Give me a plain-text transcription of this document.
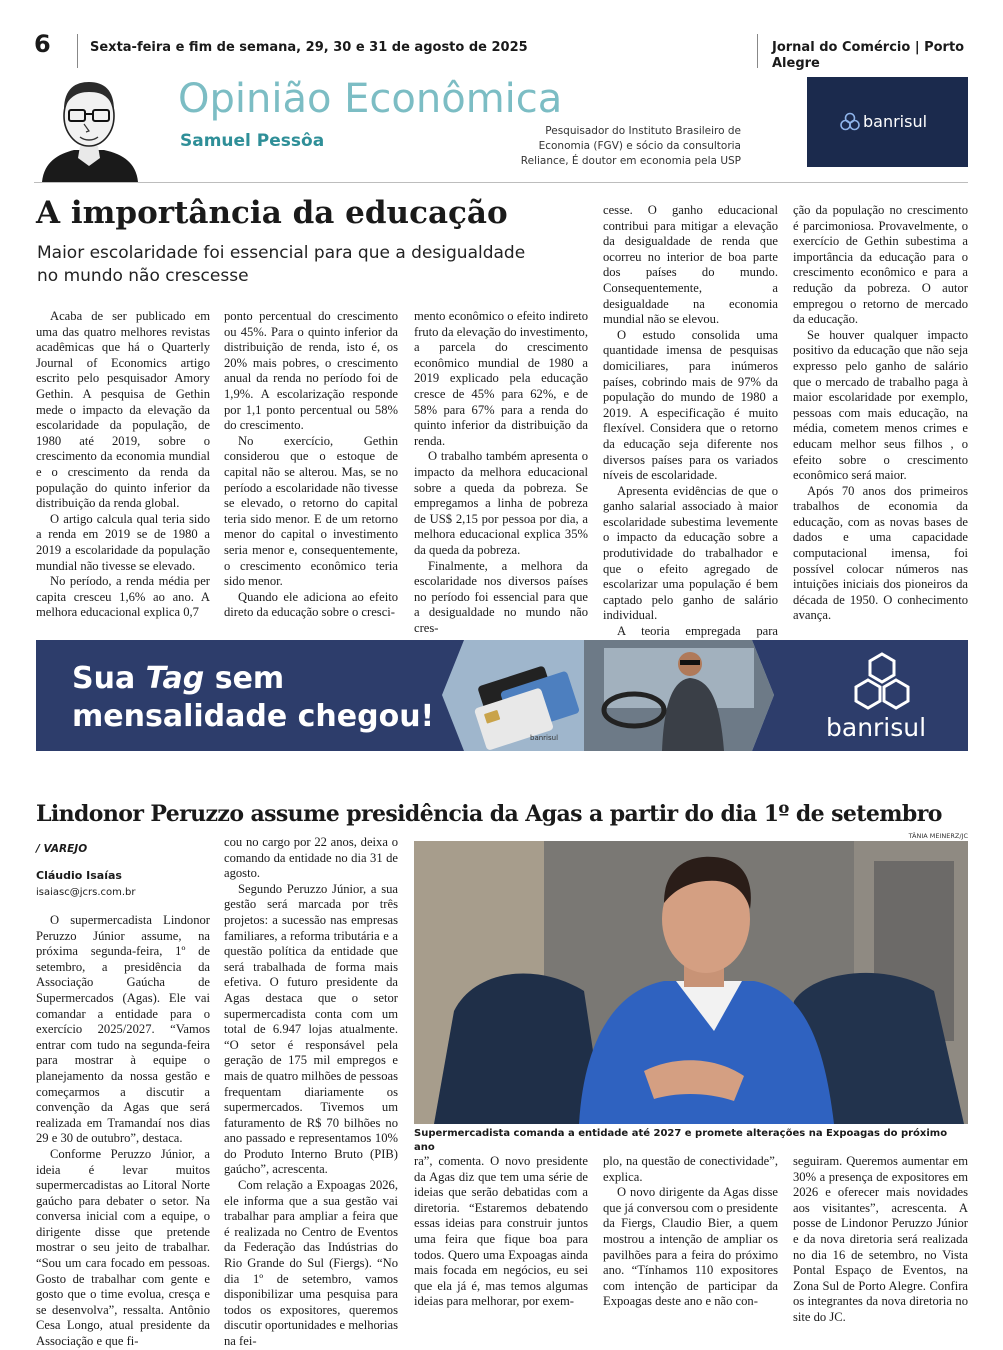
6	Sexta-feira e fim de semana, 29, 30 e 31 de agosto de 2025	Jornal do Comércio | Porto Alegre
Opinião Econômica
Samuel Pessôa	Pesquisador do Instituto Brasileiro de
Economia (FGV) e sócio da consultoria
Reliance, É doutor em economia pela USP
banrisul
A importância da educação
Maior escolaridade foi essencial para que a desigualdade
no mundo não crescesse

Acaba de ser publicado em uma das quatro melhores revistas acadêmicas que há o Quarterly Journal of Economics artigo escrito pelo pesquisador Amory Gethin. A pesquisa de Gethin mede o impacto da elevação da escolaridade da população, de 1980 até 2019, sobre o crescimento da economia mundial e o crescimento da renda da população do quinto inferior da distribuição da renda global.

O artigo calcula qual teria sido a renda em 2019 se de 1980 a 2019 a escolaridade da população mundial não tivesse se elevado.

No período, a renda média per capita cresceu 1,6% ao ano. A melhora educacional explica 0,7

ponto percentual do crescimento ou 45%. Para o quinto inferior da distribuição de renda, isto é, os 20% mais pobres, o crescimento anual da renda no período foi de 1,9%. A escolarização responde por 1,1 ponto percentual ou 58% do crescimento.

No exercício, Gethin considerou que o estoque de capital não se alterou. Mas, se no período a escolaridade não tivesse se elevado, o retorno do capital teria sido menor. E de um retorno menor do capital o investimento seria menor e, consequentemente, o crescimento econômico teria sido menor.

Quando ele adiciona ao efeito direto da educação sobre o cresci-

mento econômico o efeito indireto fruto da elevação do investimento, a parcela do crescimento econômico mundial de 1980 a 2019 explicado pela educação cresce de 45% para 62%, e de 58% para 67% para a renda do quinto inferior da distribuição da renda.

O trabalho também apresenta o impacto da melhora educacional sobre a queda da pobreza. Se empregamos a linha de pobreza de US$ 2,15 por pessoa por dia, a melhora educacional explica 35% da queda da pobreza.

Finalmente, a melhora da escolaridade nos diversos países no período foi essencial para que a desigualdade no mundo não cres-

cesse. O ganho educacional contribui para mitigar a elevação da desigualdade de renda que ocorreu no interior de boa parte dos países do mundo. Consequentemente, a desigualdade na economia mundial não se elevou.

O estudo consolida uma quantidade imensa de pesquisas domiciliares, para inúmeros países, cobrindo mais de 97% da população do mundo de 1980 a 2019. A especificação é muito flexível. Considera que o retorno da educação seja diferente nos diversos países para os variados níveis de escolaridade.

Apresenta evidências de que o ganho salarial associado à maior escolaridade subestima levemente o impacto da educação sobre a produtividade do trabalhador e que o efeito agregado de escolarizar uma população é bem captado pelo ganho de salário individual.

A teoria empregada para

ção da população no crescimento é parcimoniosa. Provavelmente, o exercício de Gethin subestima a importância da educação para o crescimento econômico e para a redução da pobreza. O autor empregou o retorno de mercado da educação.

Se houver qualquer impacto positivo da educação que não seja expresso pelo ganho de salário que o mercado de trabalho paga à maior escolaridade por exemplo, pessoas com mais educação, na média, cometem menos crimes e educam melhor seus filhos , o efeito sobre o crescimento econômico será maior.

Após 70 anos dos primeiros trabalhos de economia da educação, com as novas bases de dados e uma capacidade computacional imensa, foi possível colocar números nas intuições iniciais dos pioneiros da década de 1950. O conhecimento avança.

Sua Tag sem
mensalidade chegou!
banrisul	banrisul
Lindonor Peruzzo assume presidência da Agas a partir do dia 1º de setembro
/ VAREJO
Cláudio Isaías
isaiasc@jcrs.com.br

O supermercadista Lindonor Peruzzo Júnior assume, na próxima segunda-feira, 1º de setembro, a presidência da Associação Gaúcha de Supermercados (Agas). Ele vai comandar a entidade para o exercício 2025/2027. “Vamos entrar com tudo na segunda-feira para mostrar à equipe o planejamento da nossa gestão e começarmos a discutir a convenção da Agas que será realizada em Tramandaí nos dias 29 e 30 de outubro”, destaca.

Conforme Peruzzo Júnior, a ideia é levar muitos supermercadistas ao Litoral Norte gaúcho para debater o setor. Na conversa inicial com a equipe, o dirigente disse que pretende mostrar o seu jeito de trabalhar. “Sou um cara focado em pessoas. Gosto de trabalhar com gente e gosto que o time evolua, cresça e se desenvolva”, ressalta. Antônio Cesa Longo, atual presidente da Associação e que fi-

cou no cargo por 22 anos, deixa o comando da entidade no dia 31 de agosto.

Segundo Peruzzo Júnior, a sua gestão será marcada por três projetos: a sucessão nas empresas familiares, a reforma tributária e a questão política da entidade que será trabalhada de forma mais efetiva. O futuro presidente da Agas destaca que o setor supermercadista conta com um total de 6.947 lojas atualmente. “O setor é responsável pela geração de 175 mil empregos e mais de quatro milhões de pessoas frequentam diariamente os supermercados. Tivemos um faturamento de R$ 70 bilhões no ano passado e representamos 10% do Produto Interno Bruto (PIB) gaúcho”, acrescenta.

Com relação a Expoagas 2026, ele informa que a sua gestão vai trabalhar para ampliar a feira que é realizada no Centro de Eventos da Federação das Indústrias do Rio Grande do Sul (Fiergs). “No dia 1º de setembro, vamos disponibilizar uma pesquisa para todos os expositores, queremos discutir oportunidades e melhorias na fei-

TÂNIA MEINERZ/JC
Supermercadista comanda a entidade até 2027 e promete alterações na Expoagas do próximo ano

ra”, comenta. O novo presidente da Agas diz que tem uma série de ideias que serão debatidas com a diretoria. “Estaremos debatendo essas ideias para construir juntos uma feira que fique boa para todos. Quero uma Expoagas ainda mais focada em negócios, eu sei que ela já é, mas temos algumas ideias para melhorar, por exem-

plo, na questão de conectividade”, explica.

O novo dirigente da Agas disse que já conversou com o presidente da Fiergs, Claudio Bier, a quem mostrou a intenção de ampliar os pavilhões para a feira do próximo ano. “Tínhamos 110 expositores com intenção de participar da Expoagas deste ano e não con-

seguiram. Queremos aumentar em 30% a presença de expositores em 2026 e oferecer mais novidades aos visitantes”, acrescenta. A posse de Lindonor Peruzzo Júnior e da nova diretoria será realizada no dia 16 de setembro, no Vista Pontal Espaço de Eventos, na Zona Sul de Porto Alegre. Confira os integrantes da nova diretoria no site do JC.
